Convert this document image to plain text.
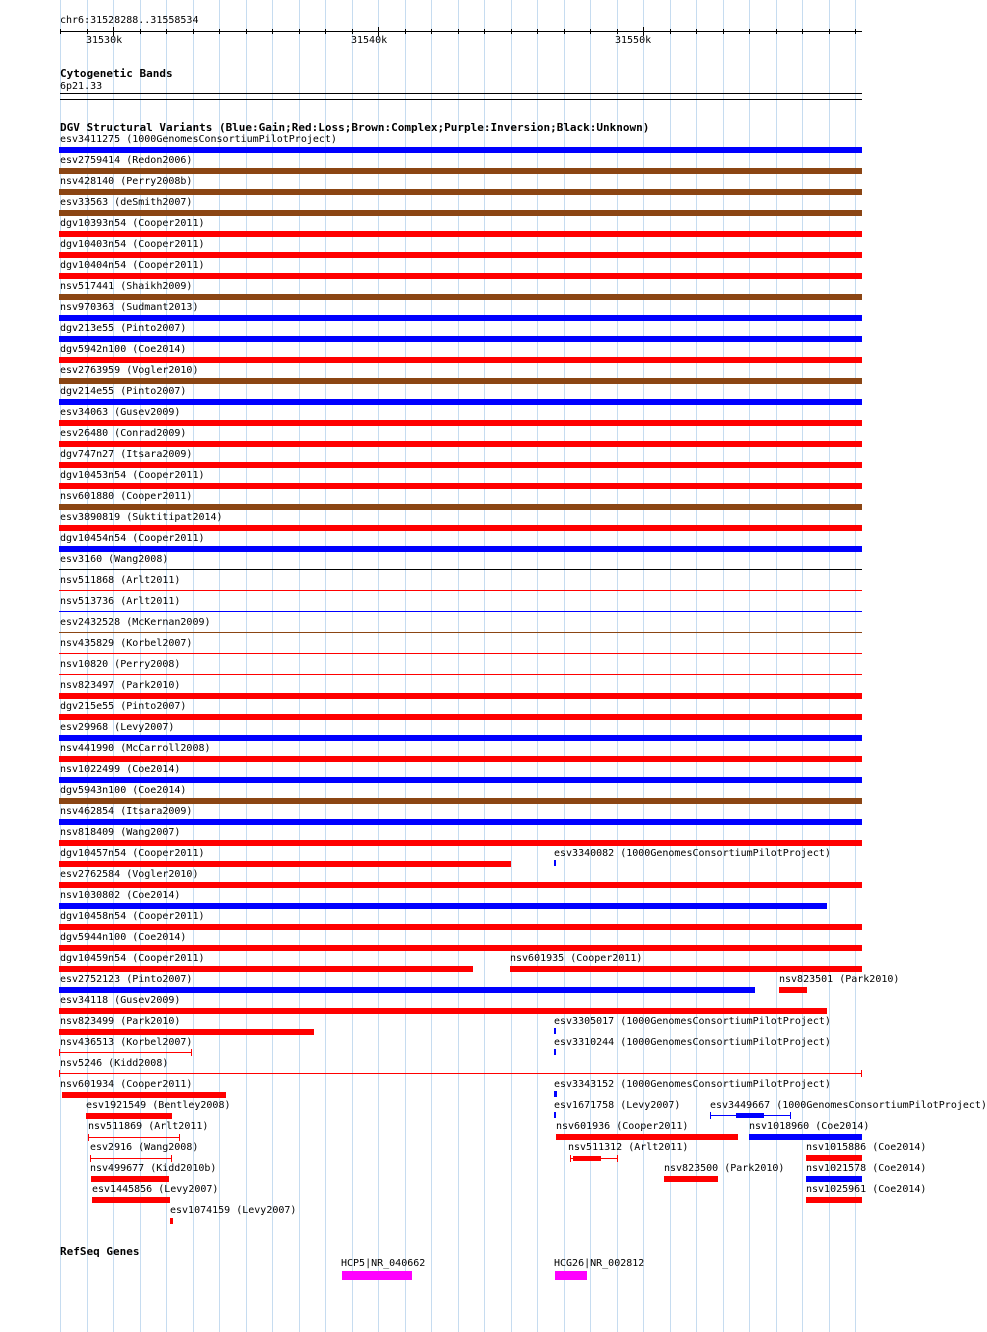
chr6:31528288..31558534
31530k	31540k	31550k
Cytogenetic Bands
6p21.33
DGV Structural Variants (Blue:Gain;Red:Loss;Brown:Complex;Purple:Inversion;Black:Unknown)
esv3411275 (1000GenomesConsortiumPilotProject)
esv2759414 (Redon2006)
nsv428140 (Perry2008b)
esv33563 (deSmith2007)
dgv10393n54 (Cooper2011)
dgv10403n54 (Cooper2011)
dgv10404n54 (Cooper2011)
nsv517441 (Shaikh2009)
nsv970363 (Sudmant2013)
dgv213e55 (Pinto2007)
dgv5942n100 (Coe2014)
esv2763959 (Vogler2010)
dgv214e55 (Pinto2007)
esv34063 (Gusev2009)
esv26480 (Conrad2009)
dgv747n27 (Itsara2009)
dgv10453n54 (Cooper2011)
nsv601880 (Cooper2011)
esv3890819 (Suktitipat2014)
dgv10454n54 (Cooper2011)
esv3160 (Wang2008)
nsv511868 (Arlt2011)
nsv513736 (Arlt2011)
esv2432528 (McKernan2009)
nsv435829 (Korbel2007)
nsv10820 (Perry2008)
nsv823497 (Park2010)
dgv215e55 (Pinto2007)
esv29968 (Levy2007)
nsv441990 (McCarroll2008)
nsv1022499 (Coe2014)
dgv5943n100 (Coe2014)
nsv462854 (Itsara2009)
nsv818409 (Wang2007)
dgv10457n54 (Cooper2011)	esv3340082 (1000GenomesConsortiumPilotProject)
esv2762584 (Vogler2010)
nsv1030802 (Coe2014)
dgv10458n54 (Cooper2011)
dgv5944n100 (Coe2014)
dgv10459n54 (Cooper2011)	nsv601935 (Cooper2011)
esv2752123 (Pinto2007)	nsv823501 (Park2010)
esv34118 (Gusev2009)
nsv823499 (Park2010)	esv3305017 (1000GenomesConsortiumPilotProject)
nsv436513 (Korbel2007)	esv3310244 (1000GenomesConsortiumPilotProject)
nsv5246 (Kidd2008)
nsv601934 (Cooper2011)	esv3343152 (1000GenomesConsortiumPilotProject)
esv1921549 (Bentley2008)	esv1671758 (Levy2007)	esv3449667 (1000GenomesConsortiumPilotProject)
nsv511869 (Arlt2011)	nsv601936 (Cooper2011)	nsv1018960 (Coe2014)
esv2916 (Wang2008)	nsv511312 (Arlt2011)	nsv1015886 (Coe2014)
nsv499677 (Kidd2010b)	nsv823500 (Park2010) nsv1021578 (Coe2014)
esv1445856 (Levy2007)	nsv1025961 (Coe2014)
esv1074159 (Levy2007)
RefSeq Genes
HCP5|NR_040662	HCG26|NR_002812
